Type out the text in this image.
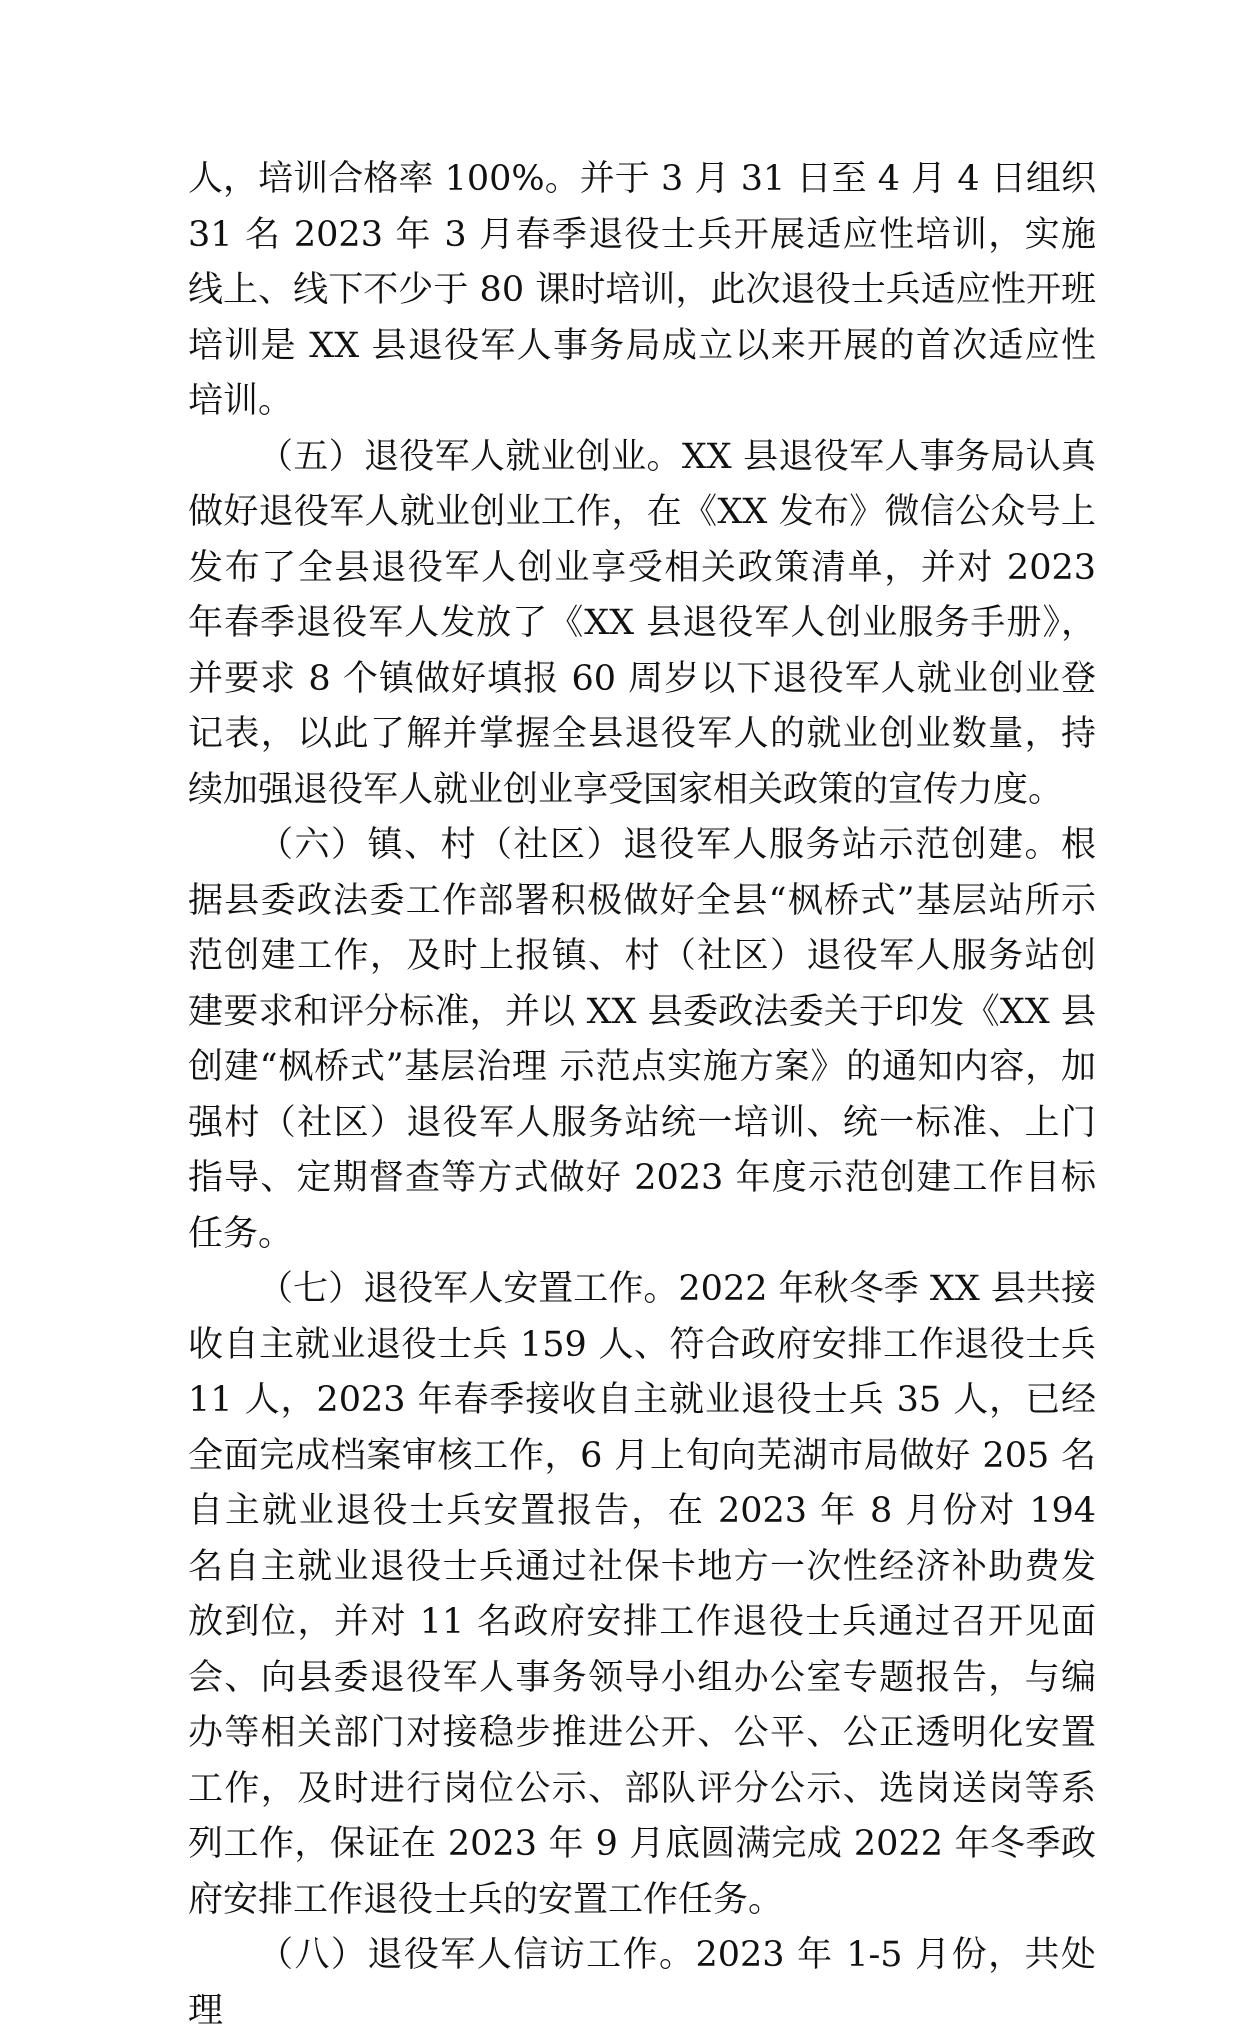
人，培训合格率 100%。并于 3 月 31 日至 4 月 4 日组织 31 名 2023 年 3 月春季退役士兵开展适应性培训，实施线上、线下不少于 80 课时培训，此次退役士兵适应性开班培训是 XX 县退役军人事务局成立以来开展的首次适应性培训。

（五）退役军人就业创业。XX 县退役军人事务局认真做好退役军人就业创业工作，在《XX 发布》微信公众号上发布了全县退役军人创业享受相关政策清单，并对 2023 年春季退役军人发放了《XX 县退役军人创业服务手册》，并要求 8 个镇做好填报 60 周岁以下退役军人就业创业登记表，以此了解并掌握全县退役军人的就业创业数量，持续加强退役军人就业创业享受国家相关政策的宣传力度。

（六）镇、村（社区）退役军人服务站示范创建。根据县委政法委工作部署积极做好全县“枫桥式”基层站所示范创建工作，及时上报镇、村（社区）退役军人服务站创建要求和评分标准，并以 XX 县委政法委关于印发《XX 县创建“枫桥式”基层治理 示范点实施方案》的通知内容，加强村（社区）退役军人服务站统一培训、统一标准、上门指导、定期督查等方式做好 2023 年度示范创建工作目标任务。

（七）退役军人安置工作。2022 年秋冬季 XX 县共接收自主就业退役士兵 159 人、符合政府安排工作退役士兵 11 人，2023 年春季接收自主就业退役士兵 35 人，已经全面完成档案审核工作，6 月上旬向芜湖市局做好 205 名自主就业退役士兵安置报告，在 2023 年 8 月份对 194 名自主就业退役士兵通过社保卡地方一次性经济补助费发放到位，并对 11 名政府安排工作退役士兵通过召开见面会、向县委退役军人事务领导小组办公室专题报告，与编办等相关部门对接稳步推进公开、公平、公正透明化安置工作，及时进行岗位公示、部队评分公示、选岗送岗等系列工作，保证在 2023 年 9 月底圆满完成 2022 年冬季政府安排工作退役士兵的安置工作任务。

（八）退役军人信访工作。2023 年 1-5 月份，共处理
